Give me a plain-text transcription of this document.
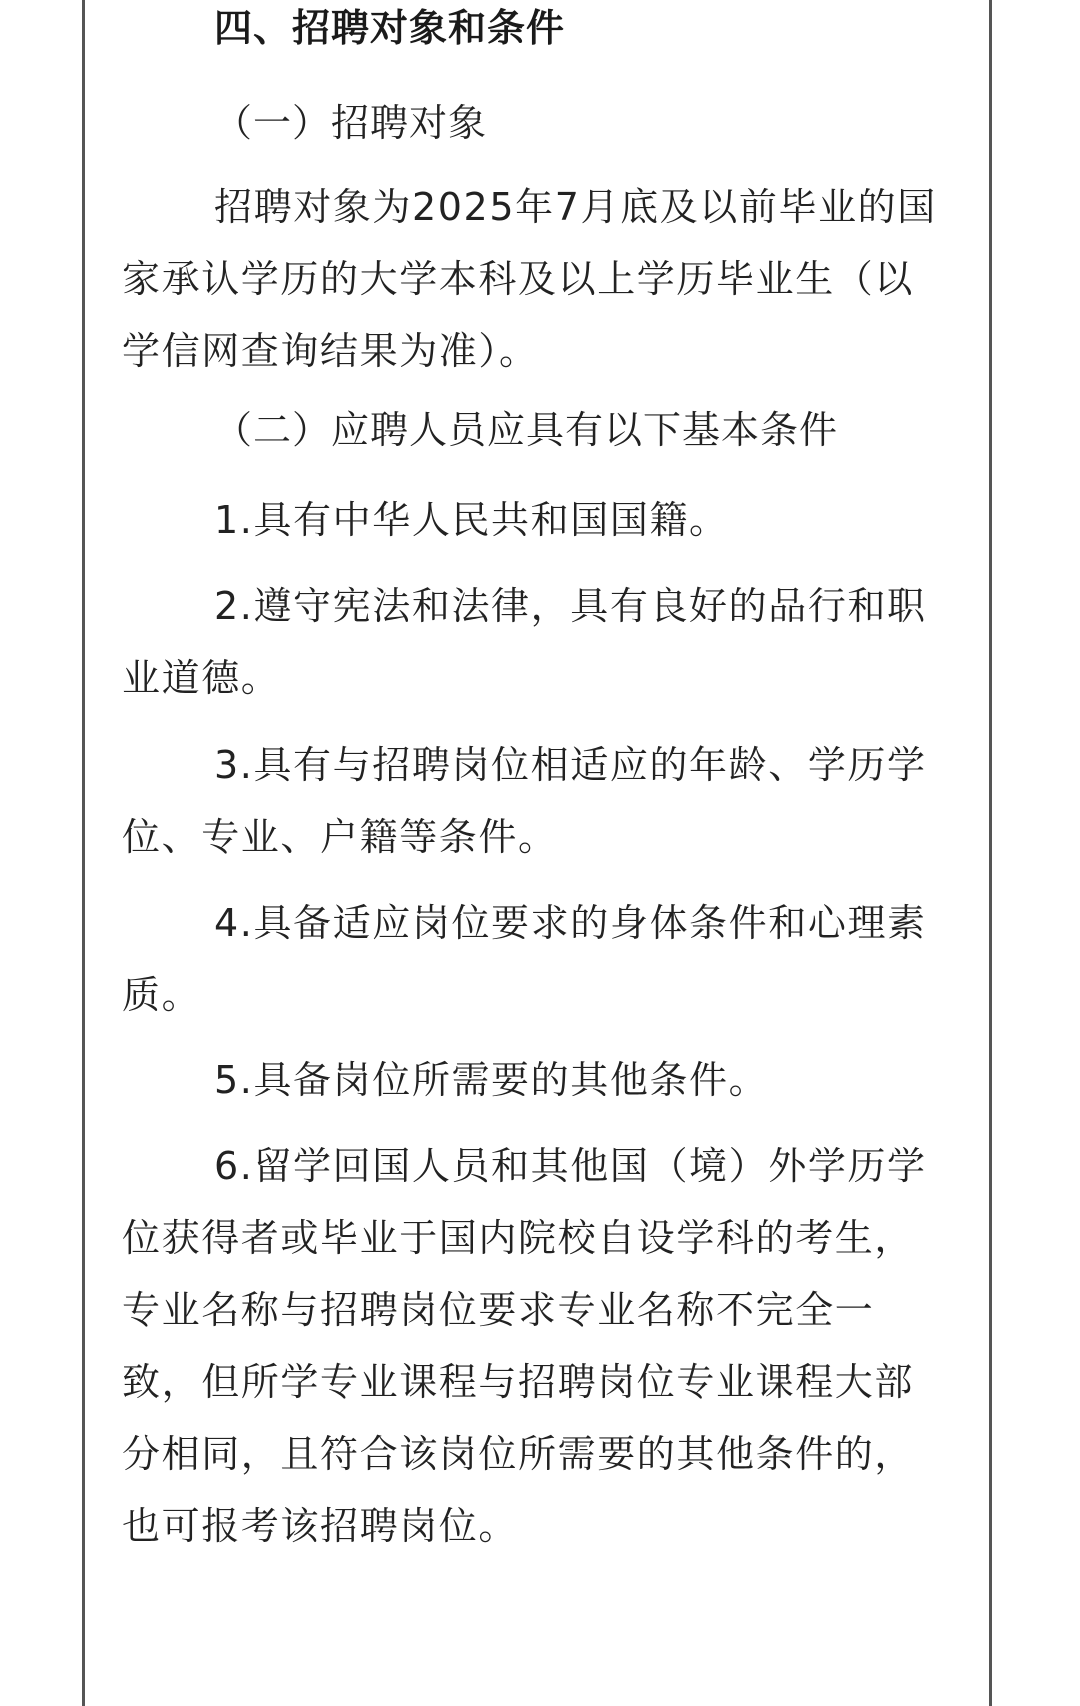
四、招聘对象和条件
（一）招聘对象
招聘对象为2025年7月底及以前毕业的国家承认学历的大学本科及以上学历毕业生（以学信网查询结果为准）。
（二）应聘人员应具有以下基本条件
1.具有中华人民共和国国籍。
2.遵守宪法和法律，具有良好的品行和职业道德。
3.具有与招聘岗位相适应的年龄、学历学位、专业、户籍等条件。
4.具备适应岗位要求的身体条件和心理素质。
5.具备岗位所需要的其他条件。
6.留学回国人员和其他国（境）外学历学位获得者或毕业于国内院校自设学科的考生，专业名称与招聘岗位要求专业名称不完全一致，但所学专业课程与招聘岗位专业课程大部分相同，且符合该岗位所需要的其他条件的，也可报考该招聘岗位。
